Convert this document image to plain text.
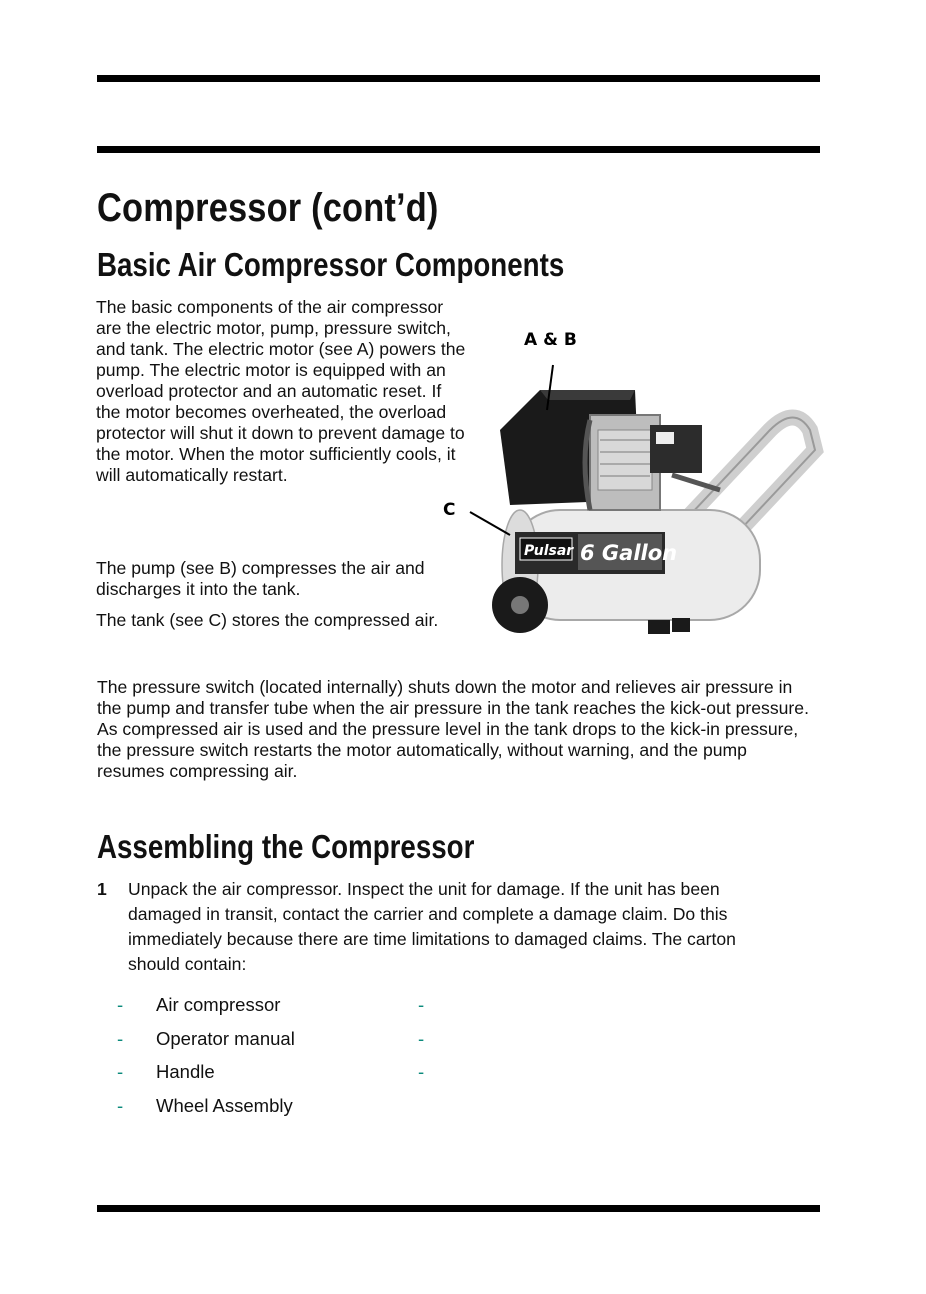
Compressor (cont’d)
Basic Air Compressor Components

The basic components of the air compressor are the electric motor, pump, pressure switch, and tank. The electric motor (see A) powers the pump. The electric motor is equipped with an overload protector and an automatic reset. If the motor becomes overheated, the overload protector will shut it down to prevent damage to the motor. When the motor sufficiently cools, it will automatically restart.

The pump (see B) compresses the air and discharges it into the tank.

The tank (see C) stores the compressed air.

Pulsar 6 Gallon
A & B
C

The pressure switch (located internally) shuts down the motor and relieves air pressure in the pump and transfer tube when the air pressure in the tank reaches the kick-out pressure. As compressed air is used and the pressure level in the tank drops to the kick-in pressure, the pressure switch restarts the motor automatically, without warning, and the pump resumes compressing air.

Assembling the Compressor
1 Unpack the air compressor. Inspect the unit for damage. If the unit has been damaged in transit, contact the carrier and complete a damage claim. Do this immediately because there are time limitations to damaged claims. The carton should contain:
- Air compressor
- Operator manual
- Handle
- Wheel Assembly
-
-
-
